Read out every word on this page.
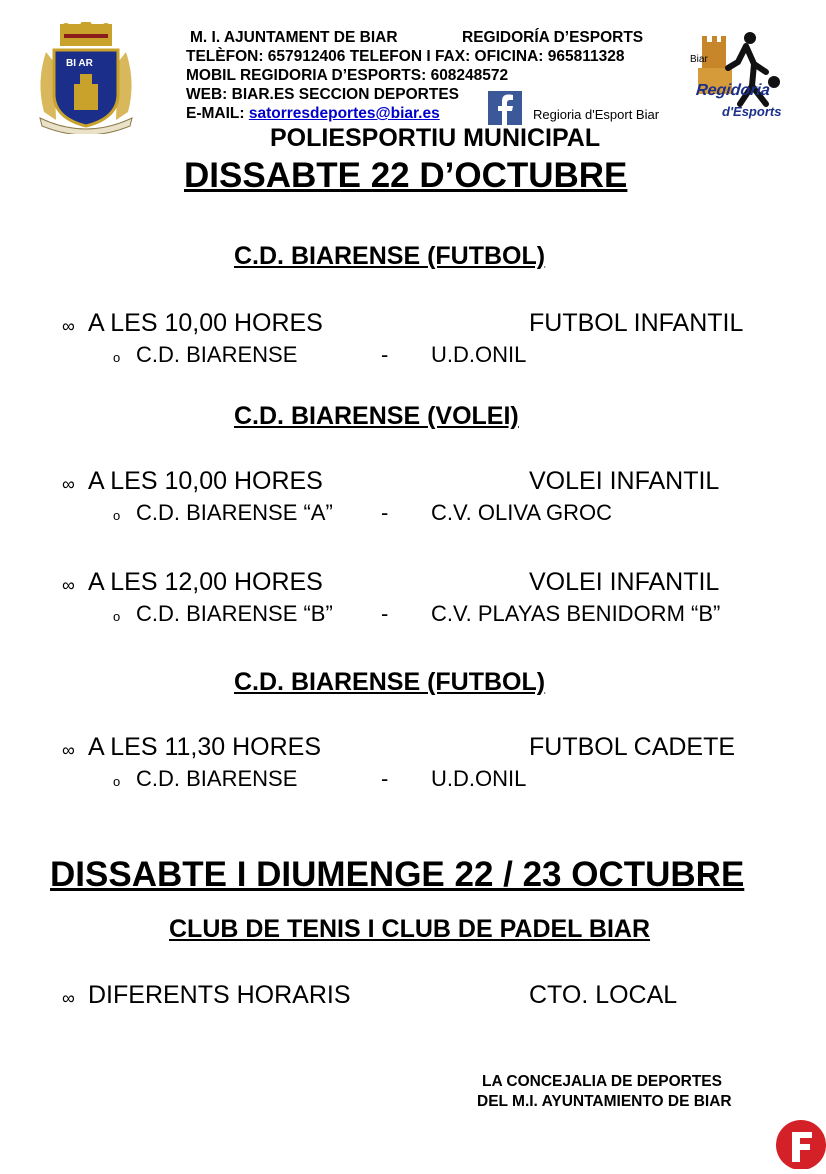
BI AR
M. I. AJUNTAMENT DE BIAR	REGIDORÍA D’ESPORTS
TELÈFON: 657912406 TELEFON I FAX: OFICINA: 965811328
MOBIL REGIDORIA D’ESPORTS: 608248572
WEB: BIAR.ES SECCION DEPORTES
E-MAIL: satorresdeportes@biar.es	Regioria d'Esport Biar
Biar
Regidoria
d'Esports
POLIESPORTIU MUNICIPAL
DISSABTE 22 D’OCTUBRE
C.D. BIARENSE (FUTBOL)
∞ A LES 10,00 HORES	FUTBOL INFANTIL
o C.D. BIARENSE	- U.D.ONIL
C.D. BIARENSE (VOLEI)
∞ A LES 10,00 HORES	VOLEI INFANTIL
o C.D. BIARENSE “A” - C.V. OLIVA GROC
∞ A LES 12,00 HORES	VOLEI INFANTIL
o C.D. BIARENSE “B” - C.V. PLAYAS BENIDORM “B”
C.D. BIARENSE (FUTBOL)
∞ A LES 11,30 HORES	FUTBOL CADETE
o C.D. BIARENSE	- U.D.ONIL
DISSABTE I DIUMENGE 22 / 23 OCTUBRE
CLUB DE TENIS I CLUB DE PADEL BIAR
∞ DIFERENTS HORARIS	CTO. LOCAL
LA CONCEJALIA DE DEPORTES
DEL M.I. AYUNTAMIENTO DE BIAR
